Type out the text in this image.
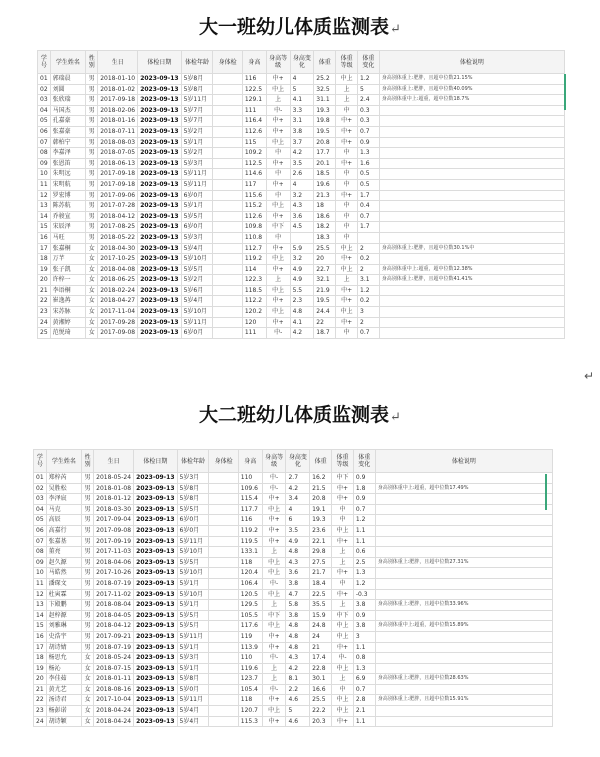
大一班幼儿体质监测表↵
学号	学生姓名	性别	生日	体检日期	体检年龄	身体检	身高	身高等级	身高变化	体重	体重等级	体重变化	体检说明
01	郭瑞晨	男	2018-01-10	2023-09-13	5岁8月		116	中+	4	25.2	中上	1.2	身高别体重上:肥胖，且超中位数21.15%
02	刘圆	男	2018-01-02	2023-09-13	5岁8月		122.5	中上	5	32.5	上	5	身高别体重上:肥胖，且超中位数40.09%
03	张欣瑞	男	2017-09-18	2023-09-13	5岁11月		129.1	上	4.1	31.1	上	2.4	身高别体重中上:超重，超中位数18.7%
04	马国杰	男	2018-02-06	2023-09-13	5岁7月		111	中-	3.3	19.3	中	0.3	
05	孔嘉豪	男	2018-01-16	2023-09-13	5岁7月		116.4	中+	3.1	19.8	中+	0.3	
06	张嘉豪	男	2018-07-11	2023-09-13	5岁2月		112.6	中+	3.8	19.5	中+	0.7	
07	韩柏宁	男	2018-08-03	2023-09-13	5岁1月		115	中上	3.7	20.8	中+	0.9	
08	李嘉泽	男	2018-07-05	2023-09-13	5岁2月		109.2	中	4.2	17.7	中	1.3	
09	张恩笛	男	2018-06-13	2023-09-13	5岁3月		112.5	中+	3.5	20.1	中+	1.6	
10	朱明远	男	2017-09-18	2023-09-13	5岁11月		114.6	中	2.6	18.5	中	0.5	
11	宋明航	男	2017-09-18	2023-09-13	5岁11月		117	中+	4	19.6	中	0.5	
12	罗宏博	男	2017-09-06	2023-09-13	6岁0月		115.6	中	3.2	21.3	中+	1.7	
13	陈苏航	男	2017-07-28	2023-09-13	5岁1月		115.2	中上	4.3	18	中	0.4	
14	乔骏宣	男	2018-04-12	2023-09-13	5岁5月		112.6	中+	3.6	18.6	中	0.7	
15	宋辰泽	男	2017-08-25	2023-09-13	6岁0月		109.8	中下	4.5	18.2	中	1.7	
16	马旺	男	2018-05-22	2023-09-13	5岁3月		110.8	中		18.3	中		
17	张嘉桐	女	2018-04-30	2023-09-13	5岁4月		112.7	中+	5.9	25.5	中上	2	身高别体重上:肥胖，且超中位数30.1%中
18	万芊	女	2017-10-25	2023-09-13	5岁10月		119.2	中上	3.2	20	中+	0.2	
19	张子凯	女	2018-04-08	2023-09-13	5岁5月		114	中+	4.9	22.7	中上	2	身高别体重中上:超重，超中位数12.38%
20	许梓一	女	2018-06-25	2023-09-13	5岁2月		122.3	上	4.9	32.1	上	3.1	身高别体重上:肥胖，且超中位数41.41%
21	李语桐	女	2018-02-24	2023-09-13	5岁6月		118.5	中上	5.5	21.9	中+	1.2	
22	崔逸苒	女	2018-04-27	2023-09-13	5岁4月		112.2	中+	2.3	19.5	中+	0.2	
23	宋苏脉	女	2017-11-04	2023-09-13	5岁10月		120.2	中上	4.8	24.4	中上	3	
24	黄湘婷	女	2017-09-28	2023-09-13	5岁11月		120	中+	4.1	22	中+	2	
25	范悦琦	女	2017-09-08	2023-09-13	6岁0月		111	中-	4.2	18.7	中	0.7	
↵
大二班幼儿体质监测表↵
学号	学生姓名	性别	生日	体检日期	体检年龄	身体检	身高	身高等级	身高变化	体重	体重等级	体重变化	体检说明
01	郑梓芮	男	2018-05-24	2023-09-13	5岁3月		110	中-	2.7	16.2	中下	0.9	
02	吴胜松	男	2018-01-08	2023-09-13	5岁8月		109.6	中-	4.2	21.5	中+	1.8	身高别体重中上:超重，超中位数17.49%
03	李泽宸	男	2018-01-12	2023-09-13	5岁8月		115.4	中+	3.4	20.8	中+	0.9	
04	马克	男	2018-03-30	2023-09-13	5岁5月		117.7	中上	4	19.1	中	0.7	
05	高辰	男	2017-09-04	2023-09-13	6岁0月		116	中+	6	19.3	中	1.2	
06	高嘉行	男	2017-09-08	2023-09-13	6岁0月		119.2	中+	3.5	23.6	中上	1.1	
07	张嘉基	男	2017-09-19	2023-09-13	5岁11月		119.5	中+	4.9	22.1	中+	1.1	
08	董亮	男	2017-11-03	2023-09-13	5岁10月		133.1	上	4.8	29.8	上	0.6	
09	赵久源	男	2018-04-06	2023-09-13	5岁5月		118	中上	4.3	27.5	上	2.5	身高别体重上:肥胖，且超中位数27.31%
10	马皓然	男	2017-10-26	2023-09-13	5岁10月		120.4	中上	3.6	21.7	中+	1.3	
11	潘琛文	男	2018-07-19	2023-09-13	5岁1月		106.4	中-	3.8	18.4	中	1.2	
12	杜寅霖	男	2017-11-02	2023-09-13	5岁10月		120.5	中上	4.7	22.5	中+	-0.3	
13	卞殿鹏	男	2018-08-04	2023-09-13	5岁1月		129.5	上	5.8	35.5	上	3.8	身高别体重上:肥胖，且超中位数33.96%
14	赵梓源	男	2018-04-05	2023-09-13	5岁5月		105.5	中下	3.8	15.9	中下	0.9	
15	刘雅琳	男	2018-04-12	2023-09-13	5岁5月		117.6	中上	4.8	24.8	中上	3.8	身高别体重中上:超重，超中位数15.89%
16	史浩宇	男	2017-09-21	2023-09-13	5岁11月		119	中+	4.8	24	中上	3	
17	胡诗婧	男	2018-07-19	2023-09-13	5岁1月		113.9	中+	4.8	21	中+	1.1	
18	杨思允	女	2018-05-24	2023-09-13	5岁3月		110	中-	4.3	17.4	中-	0.8	
19	杨沁	女	2018-07-15	2023-09-13	5岁1月		119.6	上	4.2	22.8	中上	1.3	
20	李佳茹	女	2018-01-11	2023-09-13	5岁8月		123.7	上	8.1	30.1	上	6.9	身高别体重上:肥胖，且超中位数28.63%
21	黄尤艺	女	2018-08-16	2023-09-13	5岁0月		105.4	中-	2.2	16.6	中	0.7	
22	汤诗君	女	2017-10-04	2023-09-13	5岁11月		118	中+	4.6	25.5	中上	2.8	身高别体重上:肥胖，且超中位数15.91%
23	杨彭诺	女	2018-04-24	2023-09-13	5岁4月		120.7	中上	5	22.2	中上	2.1	
24	胡诗颖	女	2018-04-24	2023-09-13	5岁4月		115.3	中+	4.6	20.3	中+	1.1	
